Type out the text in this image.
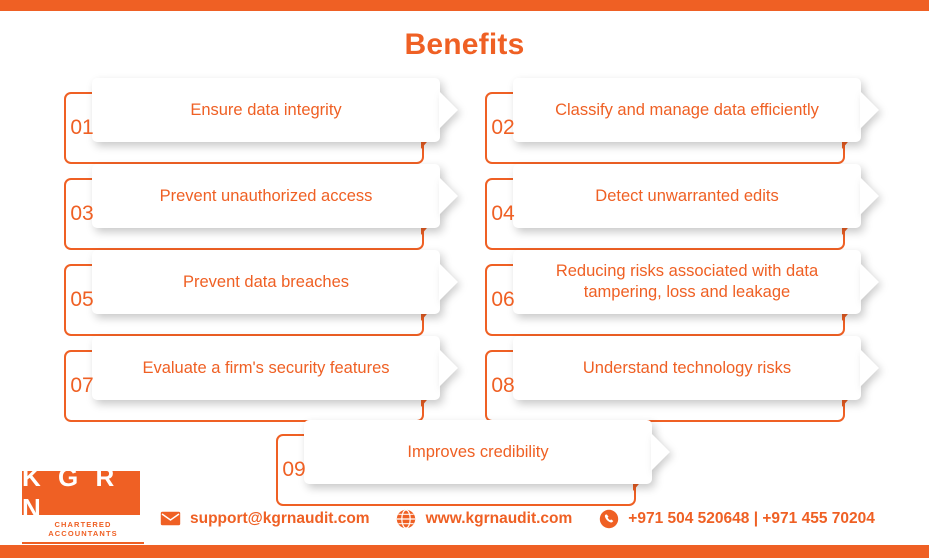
Benefits
01
Ensure data integrity
02
Classify and manage data efficiently
03
Prevent unauthorized access
04
Detect unwarranted edits
05
Prevent data breaches
06
Reducing risks associated with data tampering, loss and leakage
07
Evaluate a firm's security features
08
Understand technology risks
09
Improves credibility
K G R N
CHARTERED ACCOUNTANTS
support@kgrnaudit.com	www.kgrnaudit.com	+971 504 520648 | +971 455 70204
